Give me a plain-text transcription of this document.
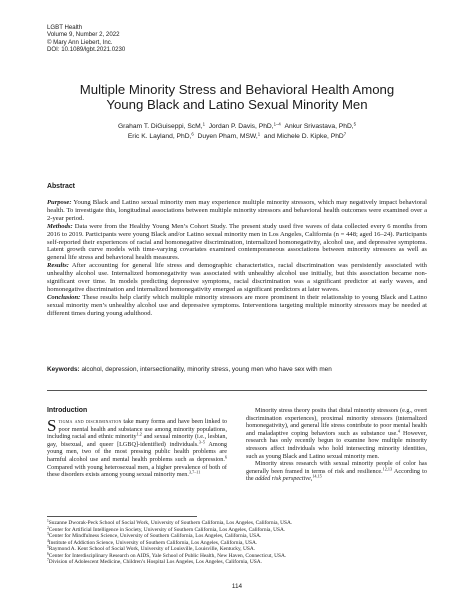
LGBT Health
Volume 9, Number 2, 2022
© Mary Ann Liebert, Inc.
DOI: 10.1089/lgbt.2021.0230
Multiple Minority Stress and Behavioral Health Among
Young Black and Latino Sexual Minority Men
Graham T. DiGuiseppi, ScM,$^1$ Jordan P. Davis, PhD,$^{1-4}$ Ankur Srivastava, PhD,$^5$
Eric K. Layland, PhD,$^6$ Duyen Pham, MSW,$^1$ and Michele D. Kipke, PhD$^7$
Abstract

Purpose: Young Black and Latino sexual minority men may experience multiple minority stressors, which may negatively impact behavioral health. To investigate this, longitudinal associations between multiple minority stressors and behavioral health outcomes were examined over a 2-year period.

Methods: Data were from the Healthy Young Men’s Cohort Study. The present study used five waves of data collected every 6 months from 2016 to 2019. Participants were young Black and/or Latino sexual minority men in Los Angeles, California (n = 448; aged 16–24). Participants self-reported their experiences of racial and homonegative discrimination, internalized homonegativity, alcohol use, and depressive symptoms. Latent growth curve models with time-varying covariates examined contemporaneous associations between minority stressors as well as general life stress and behavioral health measures.

Results: After accounting for general life stress and demographic characteristics, racial discrimination was persistently associated with unhealthy alcohol use. Internalized homonegativity was associated with unhealthy alcohol use initially, but this association became non-significant over time. In models predicting depressive symptoms, racial discrimination was a significant predictor at early waves, and homonegative discrimination and internalized homonegativity emerged as significant predictors at later waves.

Conclusion: These results help clarify which multiple minority stressors are more prominent in their relationship to young Black and Latino sexual minority men’s unhealthy alcohol use and depressive symptoms. Interventions targeting multiple minority stressors may be needed at different times during young adulthood.

Keywords: alcohol, depression, intersectionality, minority stress, young men who have sex with men
Introduction

Stigma and discrimination take many forms and have been linked to poor mental health and substance use among minority populations, including racial and ethnic minority$^{1,2}$ and sexual minority (i.e., lesbian, gay, bisexual, and queer [LGBQ]-identified) individuals.$^{3-5}$ Among young men, two of the most pressing public health problems are harmful alcohol use and mental health problems such as depression.$^6$ Compared with young heterosexual men, a higher prevalence of both of these disorders exists among young sexual minority men.$^{3,7-11}$

Minority stress theory posits that distal minority stressors (e.g., overt discrimination experiences), proximal minority stressors (internalized homonegativity), and general life stress contribute to poor mental health and maladaptive coping behaviors such as substance use.$^4$ However, research has only recently begun to examine how multiple minority stressors affect individuals who hold intersecting minority identities, such as young Black and Latino sexual minority men.

Minority stress research with sexual minority people of color has generally been framed in terms of risk and resilience.$^{12,13}$ According to the added risk perspective,$^{14,15}$

$^1$Suzanne Dworak-Peck School of Social Work, University of Southern California, Los Angeles, California, USA.
$^2$Center for Artificial Intelligence in Society, University of Southern California, Los Angeles, California, USA.
$^3$Center for Mindfulness Science, University of Southern California, Los Angeles, California, USA.
$^4$Institute of Addiction Science, University of Southern California, Los Angeles, California, USA.
$^5$Raymond A. Kent School of Social Work, University of Louisville, Louisville, Kentucky, USA.
$^6$Center for Interdisciplinary Research on AIDS, Yale School of Public Health, New Haven, Connecticut, USA.
$^7$Division of Adolescent Medicine, Children’s Hospital Los Angeles, Los Angeles, California, USA.
114
